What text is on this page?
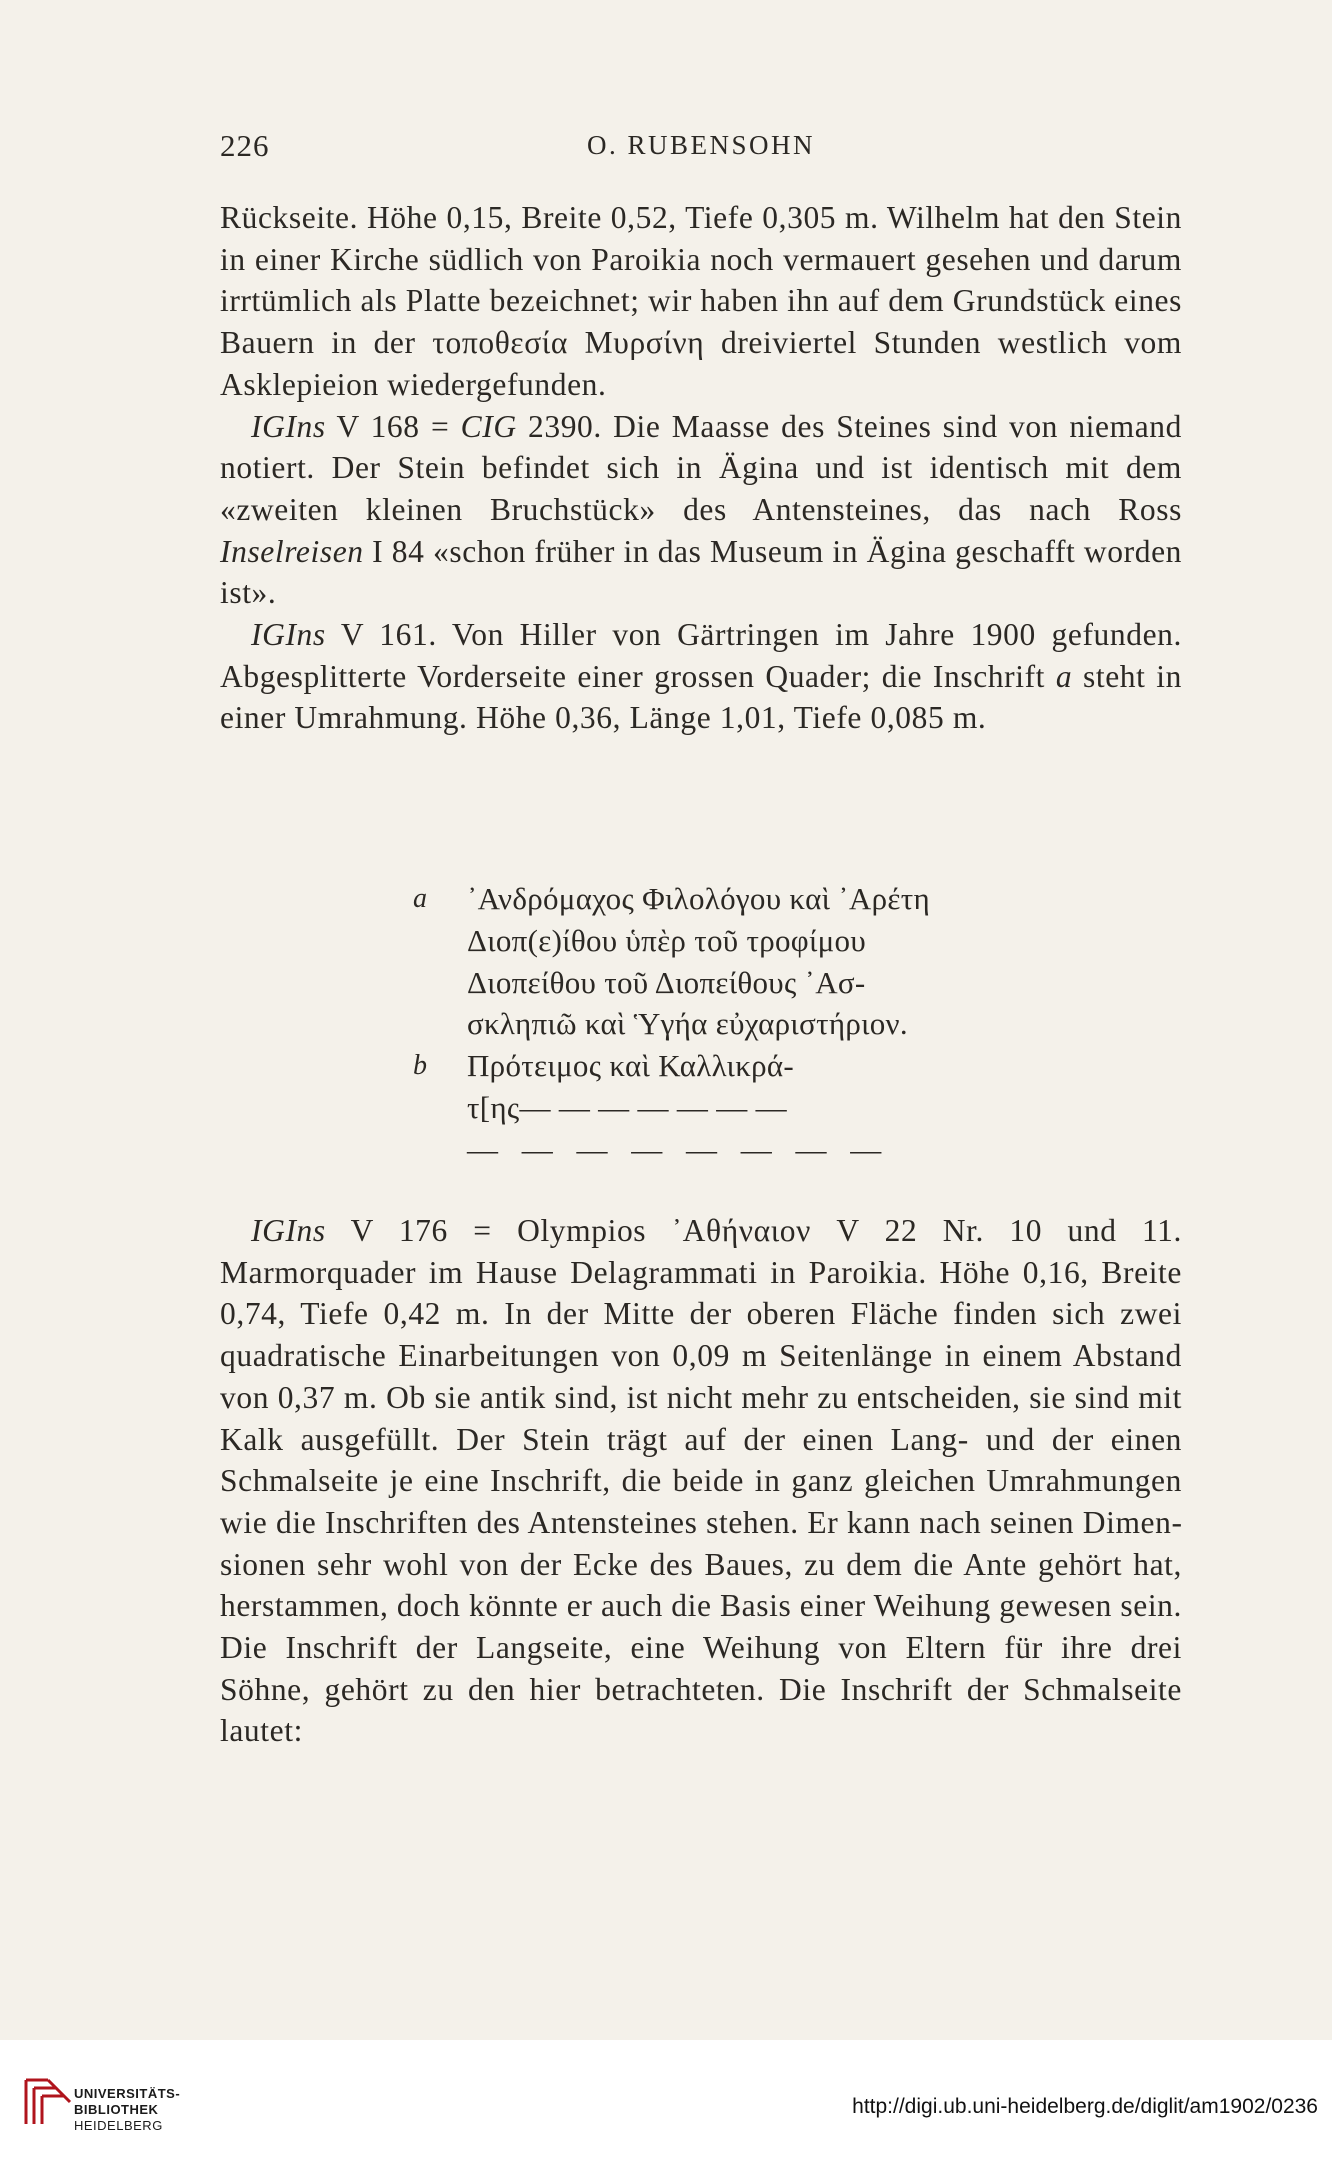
226	O. RUBENSOHN

Rückseite. Höhe 0,15, Breite 0,52, Tiefe 0,305 m. Wilhelm hat den Stein in einer Kirche südlich von Paroikia noch vermauert gesehen und darum irrtümlich als Platte bezeichnet; wir haben ihn auf dem Grundstück eines Bauern in der τοποθεσία Μυρσίνη dreiviertel Stunden westlich vom Asklepieion wiedergefunden.

IGIns V 168 = CIG 2390. Die Maasse des Steines sind von niemand notiert. Der Stein befindet sich in Ägina und ist identisch mit dem «zweiten kleinen Bruchstück» des Antensteines, das nach Ross Inselreisen I 84 «schon früher in das Museum in Ägina geschafft worden ist».

IGIns V 161. Von Hiller von Gärtringen im Jahre 1900 gefunden. Abgesplitterte Vorderseite einer grossen Quader; die Inschrift a steht in einer Umrahmung. Höhe 0,36, Länge 1,01, Tiefe 0,085 m.

a ᾿Ανδρόμαχος Φιλολόγου καὶ ᾿Αρέτη
Διοπ(ε)ίθου ὑπὲρ τοῦ τροφίμου
Διοπείθου τοῦ Διοπείθους ᾿Ασ-
σκληπιῶ καὶ Ὑγήα εὐχαριστήριον.
b Πρότειμος καὶ Καλλικρά-
τ[ης— — — — — — —
— — — — — — — —

IGIns V 176 = Olympios ᾿Αθήναιον V 22 Nr. 10 und 11. Marmorquader im Hause Delagrammati in Paroikia. Höhe 0,16, Breite 0,74, Tiefe 0,42 m. In der Mitte der oberen Fläche finden sich zwei quadratische Einarbeitungen von 0,09 m Seitenlänge in einem Abstand von 0,37 m. Ob sie antik sind, ist nicht mehr zu entscheiden, sie sind mit Kalk ausgefüllt. Der Stein trägt auf der einen Lang- und der einen Schmalseite je eine Inschrift, die beide in ganz gleichen Umrahmungen wie die Inschriften des Antensteines stehen. Er kann nach seinen Dimensionen sehr wohl von der Ecke des Baues, zu dem die Ante gehört hat, herstammen, doch könnte er auch die Basis einer Weihung gewesen sein. Die Inschrift der Langseite, eine Weihung von Eltern für ihre drei Söhne, gehört zu den hier betrachteten. Die Inschrift der Schmalseite lautet:

UNIVERSITÄTS-
BIBLIOTHEK
HEIDELBERG
http://digi.ub.uni-heidelberg.de/diglit/am1902/0236
